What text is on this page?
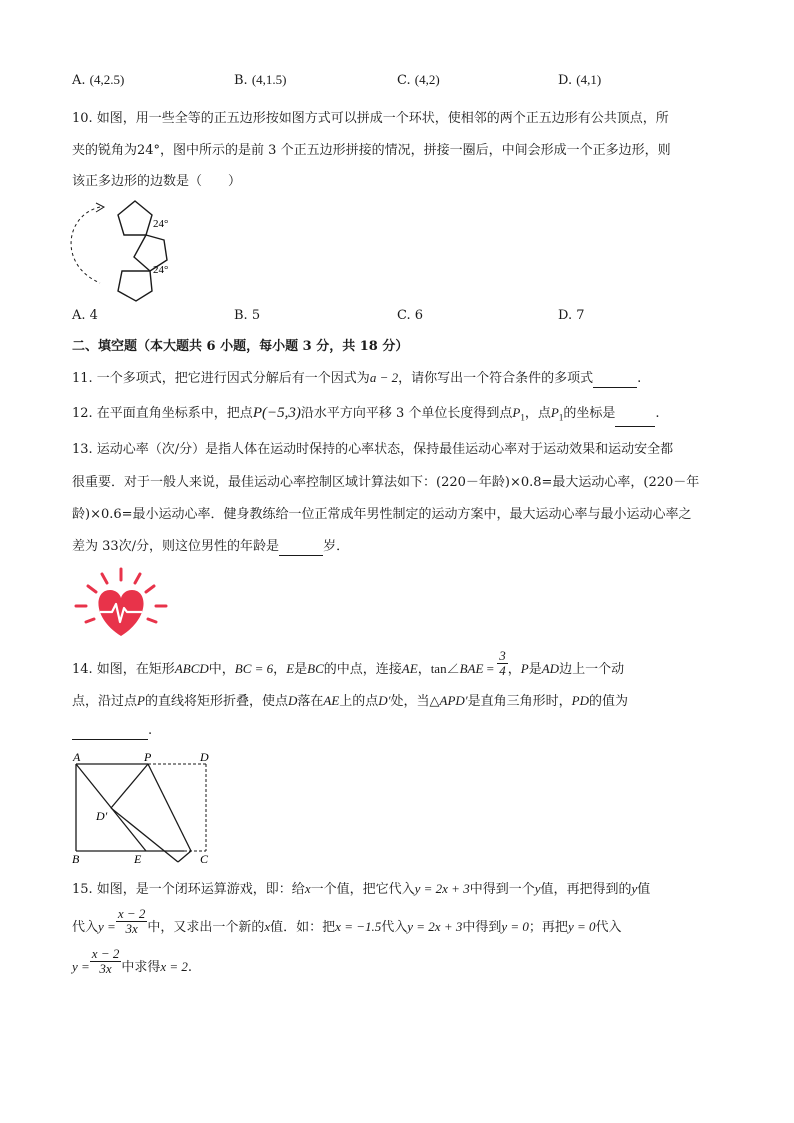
A. (4,2.5)	B. (4,1.5)	C. (4,2)	D. (4,1)
10. 如图，用一些全等的正五边形按如图方式可以拼成一个环状，使相邻的两个正五边形有公共顶点，所
夹的锐角为24°，图中所示的是前 3 个正五边形拼接的情况，拼接一圈后，中间会形成一个正多边形，则
该正多边形的边数是（　　）
24°
24°
A. 4	B. 5	C. 6	D. 7
二、填空题（本大题共 6 小题，每小题 3 分，共 18 分）
11. 一个多项式，把它进行因式分解后有一个因式为a − 2，请你写出一个符合条件的多项式	.
12. 在平面直角坐标系中，把点P(−5,3)沿水平方向平移 3 个单位长度得到点$P_1$，点$P_1$的坐标是	.
13. 运动心率（次/分）是指人体在运动时保持的心率状态，保持最佳运动心率对于运动效果和运动安全都
很重要．对于一般人来说，最佳运动心率控制区域计算法如下：(220－年龄)×0.8=最大运动心率，(220－年
龄)×0.6=最小运动心率．健身教练给一位正常成年男性制定的运动方案中，最大运动心率与最小运动心率之
差为 33次/分，则这位男性的年龄是	岁．
14. 如图，在矩形ABCD中，BC = 6，E是BC的中点，连接AE，tan∠BAE = $\frac{3}{4}$ ，P是AD边上一个动
点，沿过点P的直线将矩形折叠，使点D落在AE上的点D′处，当△APD′是直角三角形时，PD的值为
.
A	P	D
D′
B	E	C
15. 如图，是一个闭环运算游戏，即：给x一个值，把它代入y = 2x + 3中得到一个y值，再把得到的y值
代入$y = \frac{x - 2}{3x}$ 中，又求出一个新的x值．如：把x = −1.5代入y = 2x + 3中得到y = 0；再把y = 0代入
$y = \frac{x - 2}{3x}$ 中求得x = 2.
